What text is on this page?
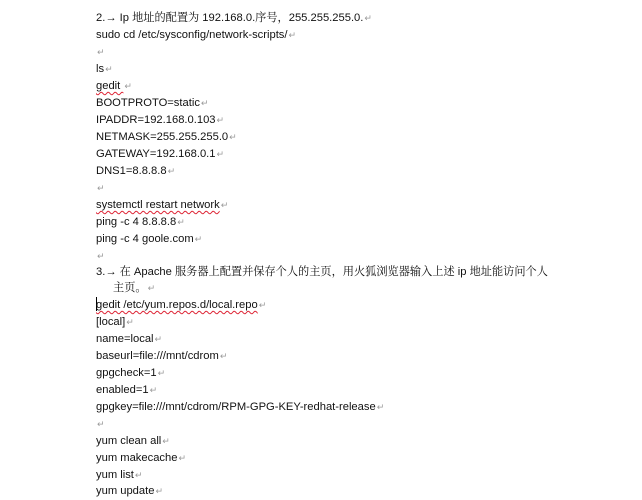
2.→ Ip 地址的配置为 192.168.0.序号，255.255.255.0.↵
sudo cd /etc/sysconfig/network-scripts/↵
↵
ls↵
gedit ↵
BOOTPROTO=static↵
IPADDR=192.168.0.103↵
NETMASK=255.255.255.0↵
GATEWAY=192.168.0.1↵
DNS1=8.8.8.8↵
↵
systemctl restart network↵
ping -c 4 8.8.8.8↵
ping -c 4 goole.com↵
↵
3.→ 在 Apache 服务器上配置并保存个人的主页，用火狐浏览器输入上述 ip 地址能访问个人
主页。↵
gedit /etc/yum.repos.d/local.repo↵
[local]↵
name=local↵
baseurl=file:///mnt/cdrom↵
gpgcheck=1↵
enabled=1↵
gpgkey=file:///mnt/cdrom/RPM-GPG-KEY-redhat-release↵
↵
yum clean all↵
yum makecache↵
yum list↵
yum update↵
